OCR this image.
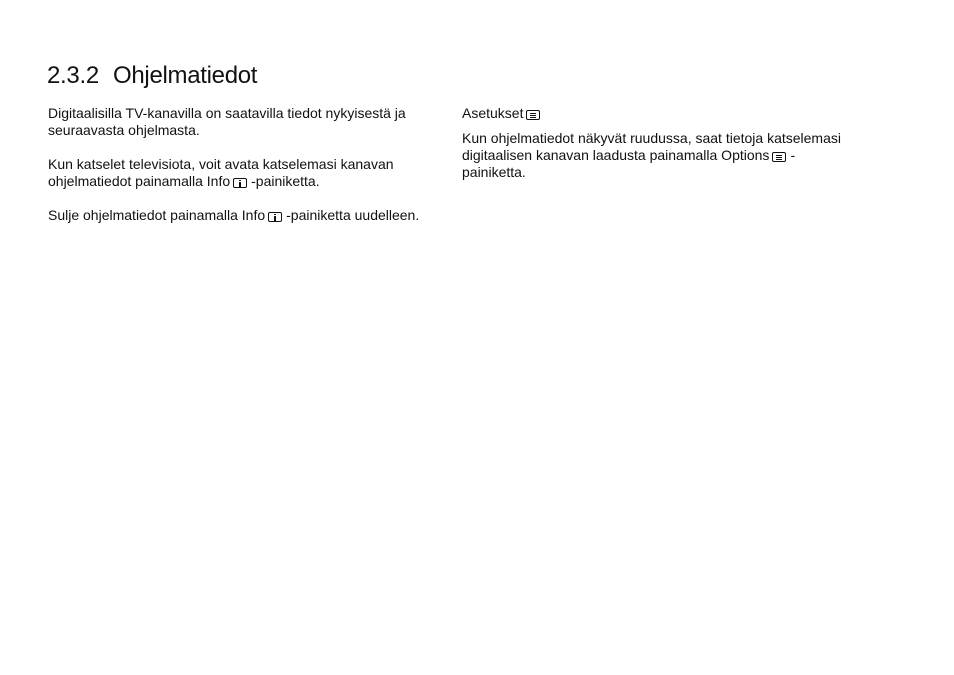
2.3.2 Ohjelmatiedot

Digitaalisilla TV-kanavilla on saatavilla tiedot nykyisestä ja seuraavasta ohjelmasta.

Kun katselet televisiota, voit avata katselemasi kanavan ohjelmatiedot painamalla Info -painiketta.

Sulje ohjelmatiedot painamalla Info -painiketta uudelleen.

Asetukset

Kun ohjelmatiedot näkyvät ruudussa, saat tietoja katselemasi digitaalisen kanavan laadusta painamalla Options -painiketta.
